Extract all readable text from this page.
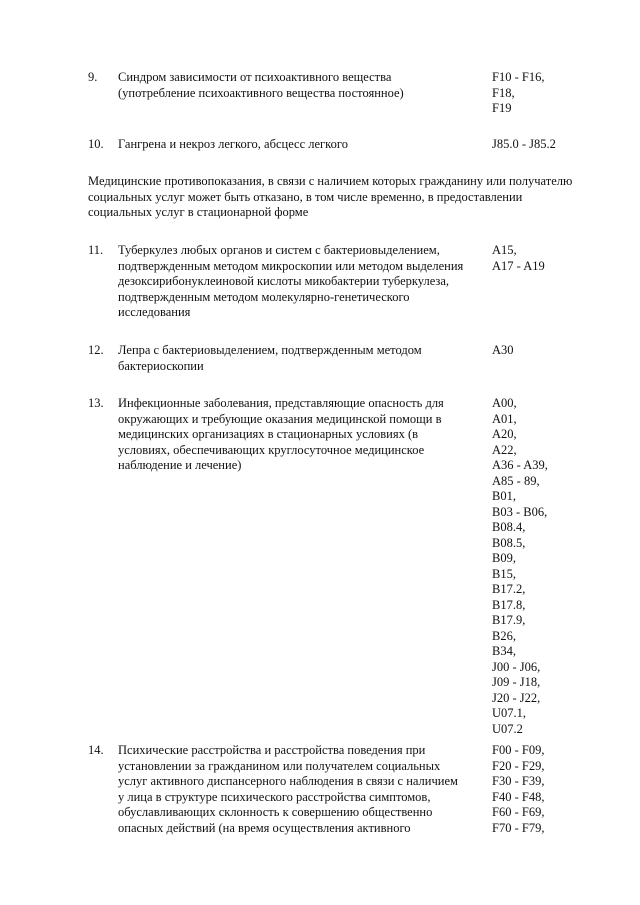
9. Синдром зависимости от психоактивного вещества
(употребление психоактивного вещества постоянное)
F10 - F16,
F18,
F19
10. Гангрена и некроз легкого, абсцесс легкого	J85.0 - J85.2
Медицинские противопоказания, в связи с наличием которых гражданину или получателю
социальных услуг может быть отказано, в том числе временно, в предоставлении
социальных услуг в стационарной форме
11. Туберкулез любых органов и систем с бактериовыделением,
подтвержденным методом микроскопии или методом выделения
дезоксирибонуклеиновой кислоты микобактерии туберкулеза,
подтвержденным методом молекулярно-генетического
исследования
A15,
A17 - A19
12. Лепра с бактериовыделением, подтвержденным методом
бактериоскопии
A30
13. Инфекционные заболевания, представляющие опасность для
окружающих и требующие оказания медицинской помощи в
медицинских организациях в стационарных условиях (в
условиях, обеспечивающих круглосуточное медицинское
наблюдение и лечение)
A00,
A01,
A20,
A22,
A36 - A39,
A85 - 89,
B01,
B03 - B06,
B08.4,
B08.5,
B09,
B15,
B17.2,
B17.8,
B17.9,
B26,
B34,
J00 - J06,
J09 - J18,
J20 - J22,
U07.1,
U07.2
14. Психические расстройства и расстройства поведения при
установлении за гражданином или получателем социальных
услуг активного диспансерного наблюдения в связи с наличием
у лица в структуре психического расстройства симптомов,
обуславливающих склонность к совершению общественно
опасных действий (на время осуществления активного
F00 - F09,
F20 - F29,
F30 - F39,
F40 - F48,
F60 - F69,
F70 - F79,
